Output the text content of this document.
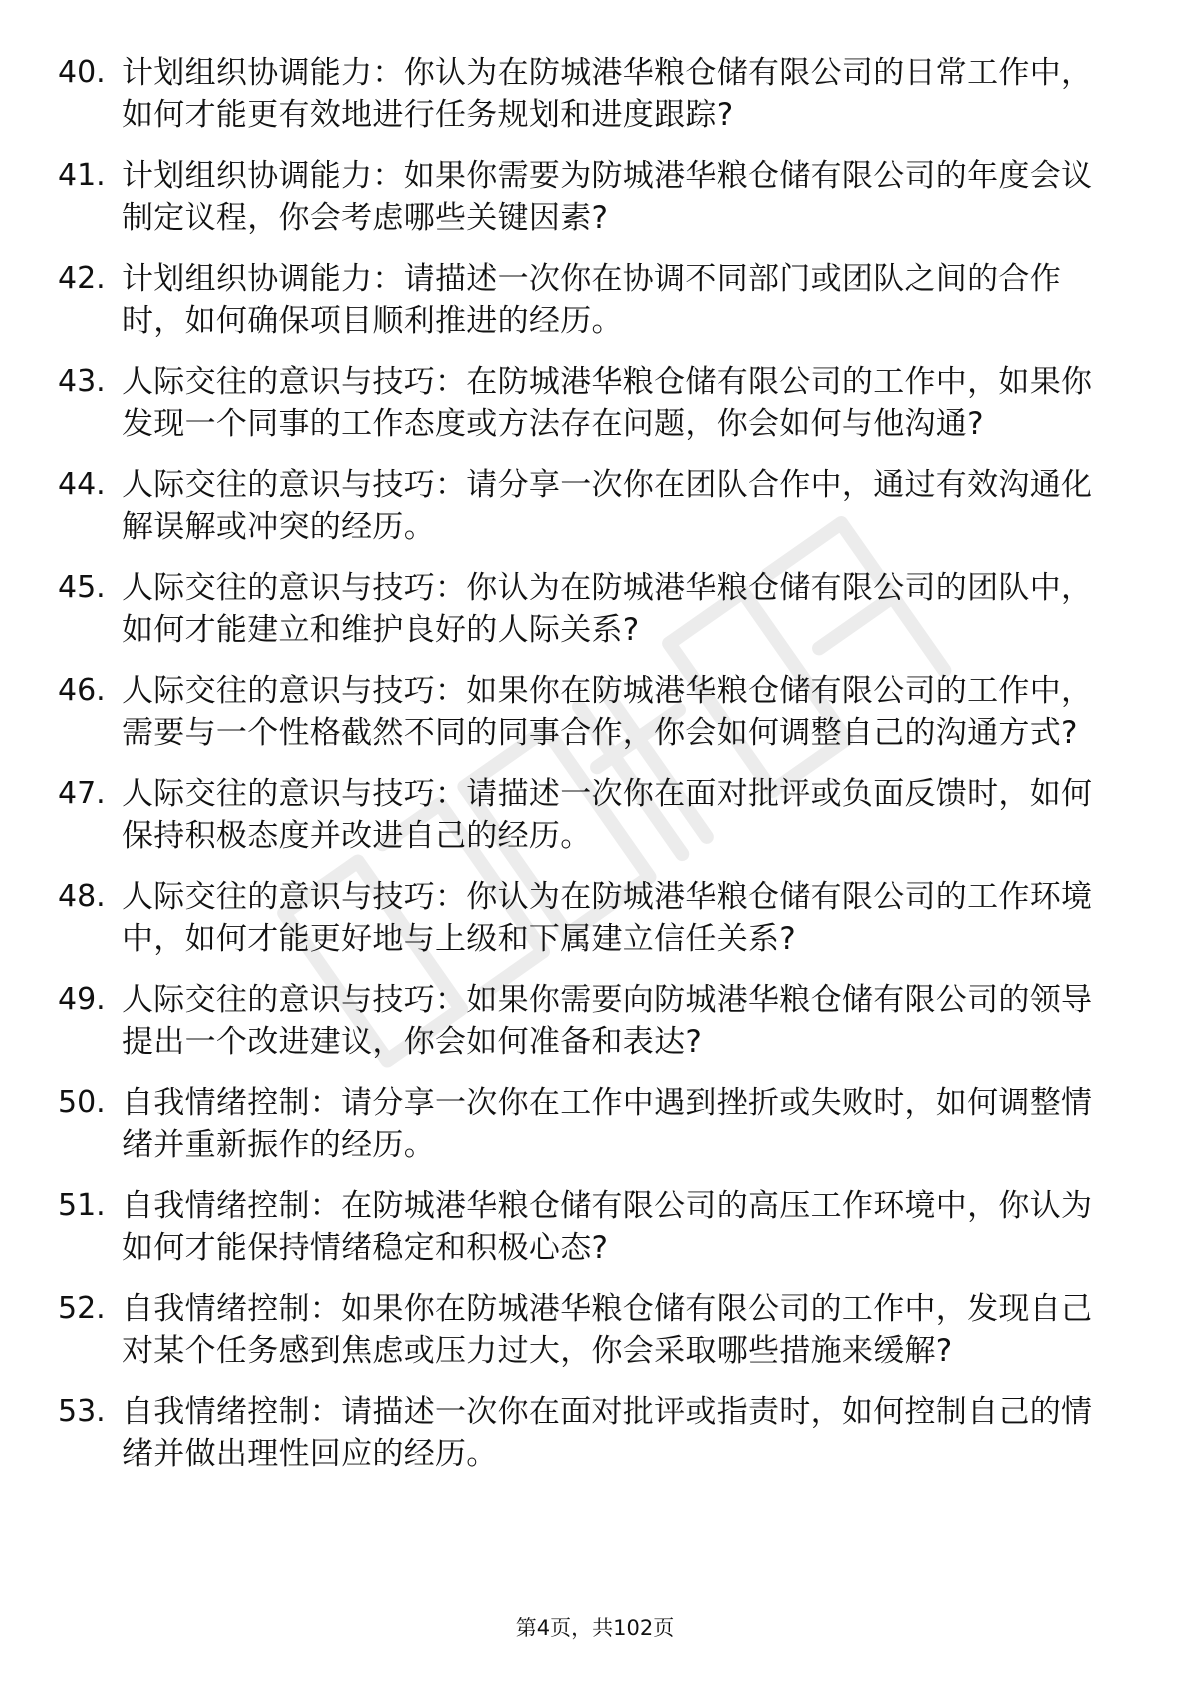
40. 计划组织协调能力：你认为在防城港华粮仓储有限公司的日常工作中，如何才能更有效地进行任务规划和进度跟踪?
41. 计划组织协调能力：如果你需要为防城港华粮仓储有限公司的年度会议制定议程，你会考虑哪些关键因素?
42. 计划组织协调能力：请描述一次你在协调不同部门或团队之间的合作时，如何确保项目顺利推进的经历。
43. 人际交往的意识与技巧：在防城港华粮仓储有限公司的工作中，如果你发现一个同事的工作态度或方法存在问题，你会如何与他沟通?
44. 人际交往的意识与技巧：请分享一次你在团队合作中，通过有效沟通化解误解或冲突的经历。
45. 人际交往的意识与技巧：你认为在防城港华粮仓储有限公司的团队中，如何才能建立和维护良好的人际关系?
46. 人际交往的意识与技巧：如果你在防城港华粮仓储有限公司的工作中，需要与一个性格截然不同的同事合作，你会如何调整自己的沟通方式?
47. 人际交往的意识与技巧：请描述一次你在面对批评或负面反馈时，如何保持积极态度并改进自己的经历。
48. 人际交往的意识与技巧：你认为在防城港华粮仓储有限公司的工作环境中，如何才能更好地与上级和下属建立信任关系?
49. 人际交往的意识与技巧：如果你需要向防城港华粮仓储有限公司的领导提出一个改进建议，你会如何准备和表达?
50. 自我情绪控制：请分享一次你在工作中遇到挫折或失败时，如何调整情绪并重新振作的经历。
51. 自我情绪控制：在防城港华粮仓储有限公司的高压工作环境中，你认为如何才能保持情绪稳定和积极心态?
52. 自我情绪控制：如果你在防城港华粮仓储有限公司的工作中，发现自己对某个任务感到焦虑或压力过大，你会采取哪些措施来缓解?
53. 自我情绪控制：请描述一次你在面对批评或指责时，如何控制自己的情绪并做出理性回应的经历。
第4页，共102页
